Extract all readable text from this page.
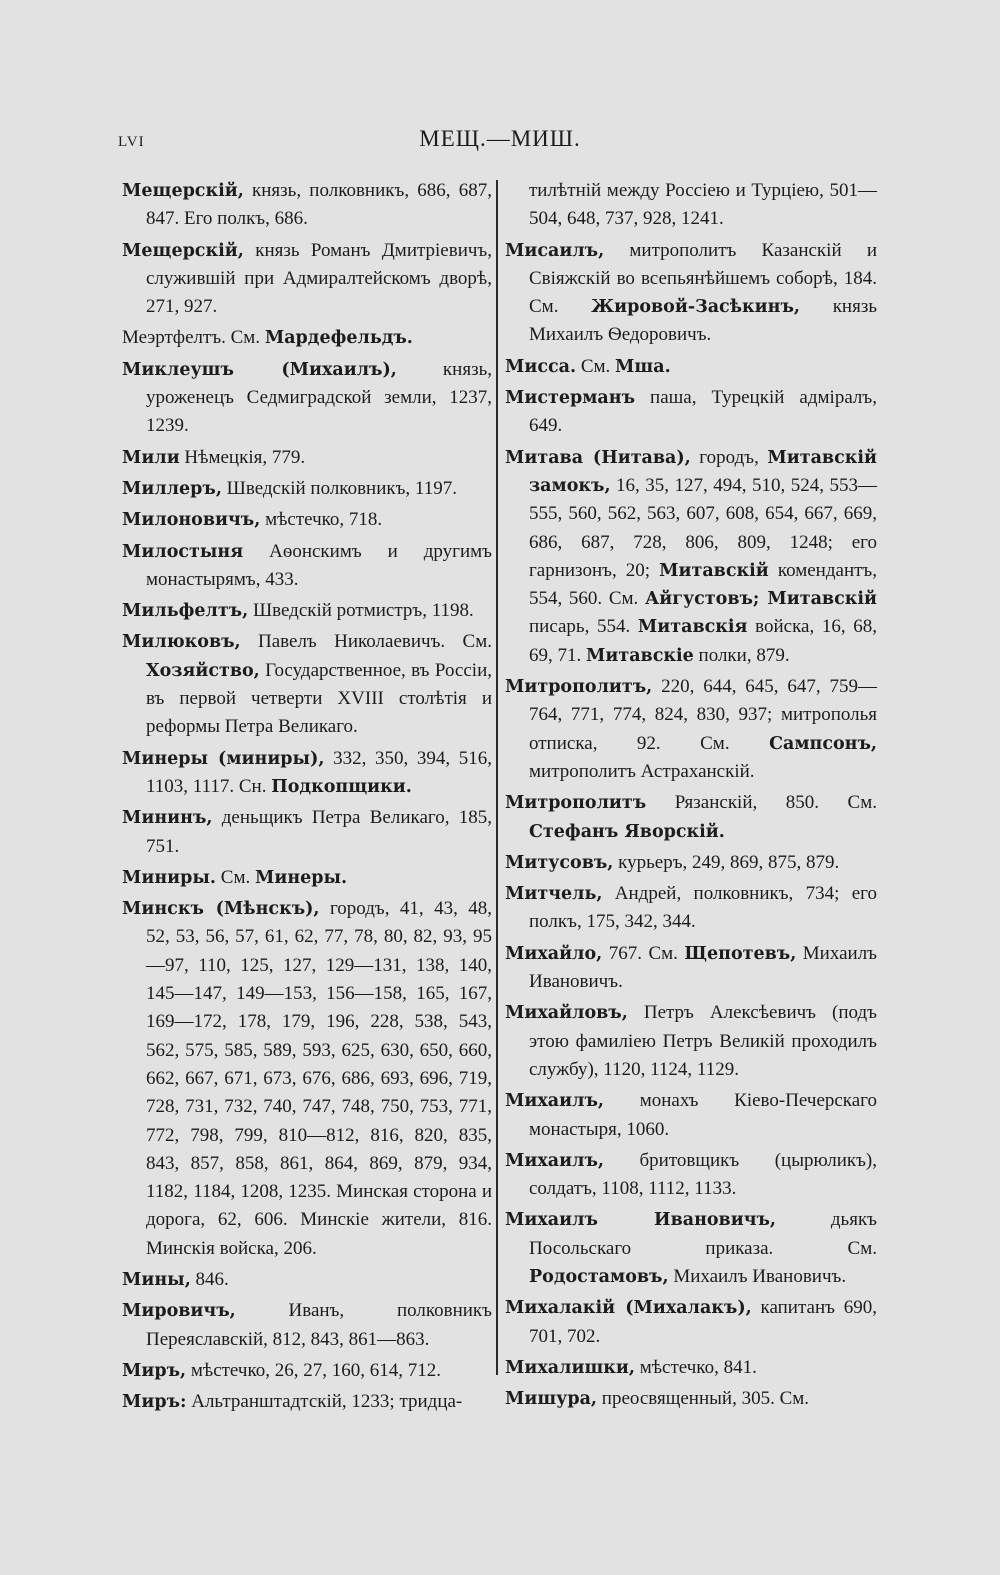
LVI	МЕЩ.—МИШ.

Мещерскій, князь, полковникъ, 686, 687, 847. Его полкъ, 686.

Мещерскій, князь Романъ Дмитріевичъ, служившій при Адмиралтейскомъ дворѣ, 271, 927.

Меэртфелтъ. См. Мардефельдъ.

Миклеушъ (Михаилъ), князь, уроженецъ Седмиградской земли, 1237, 1239.

Мили Нѣмецкія, 779.

Миллеръ, Шведскій полковникъ, 1197.

Милоновичъ, мѣстечко, 718.

Милостыня Аѳонскимъ и другимъ монастырямъ, 433.

Мильфелтъ, Шведскій ротмистръ, 1198.

Милюковъ, Павелъ Николаевичъ. См. Хозяйство, Государственное, въ Россіи, въ первой четверти XVIII столѣтія и реформы Петра Великаго.

Минеры (миниры), 332, 350, 394, 516, 1103, 1117. Сн. Подкопщики.

Мининъ, деньщикъ Петра Великаго, 185, 751.

Миниры. См. Минеры.

Минскъ (Мѣнскъ), городъ, 41, 43, 48, 52, 53, 56, 57, 61, 62, 77, 78, 80, 82, 93, 95—97, 110, 125, 127, 129—131, 138, 140, 145—147, 149—153, 156—158, 165, 167, 169—172, 178, 179, 196, 228, 538, 543, 562, 575, 585, 589, 593, 625, 630, 650, 660, 662, 667, 671, 673, 676, 686, 693, 696, 719, 728, 731, 732, 740, 747, 748, 750, 753, 771, 772, 798, 799, 810—812, 816, 820, 835, 843, 857, 858, 861, 864, 869, 879, 934, 1182, 1184, 1208, 1235. Минская сторона и дорога, 62, 606. Минскіе жители, 816. Минскія войска, 206.

Мины, 846.

Мировичъ, Иванъ, полковникъ Переяславскій, 812, 843, 861—863.

Миръ, мѣстечко, 26, 27, 160, 614, 712.

Миръ: Альтранштадтскій, 1233; тридца-

тилѣтній между Россіею и Турціею, 501—504, 648, 737, 928, 1241.

Мисаилъ, митрополитъ Казанскій и Свіяжскій во всепьянѣйшемъ соборѣ, 184. См. Жировой-Засѣкинъ, князь Михаилъ Ѳедоровичъ.

Мисса. См. Мша.

Мистерманъ паша, Турецкій адміралъ, 649.

Митава (Нитава), городъ, Митавскій замокъ, 16, 35, 127, 494, 510, 524, 553—555, 560, 562, 563, 607, 608, 654, 667, 669, 686, 687, 728, 806, 809, 1248; его гарнизонъ, 20; Митавскій комендантъ, 554, 560. См. Айгустовъ; Митавскій писарь, 554. Митавскія войска, 16, 68, 69, 71. Митавскіе полки, 879.

Митрополитъ, 220, 644, 645, 647, 759—764, 771, 774, 824, 830, 937; митрополья отписка, 92. См. Сампсонъ, митрополитъ Астраханскій.

Митрополитъ Рязанскій, 850. См. Стефанъ Яворскій.

Митусовъ, курьеръ, 249, 869, 875, 879.

Митчель, Андрей, полковникъ, 734; его полкъ, 175, 342, 344.

Михайло, 767. См. Щепотевъ, Михаилъ Ивановичъ.

Михайловъ, Петръ Алексѣевичъ (подъ этою фамиліею Петръ Великій проходилъ службу), 1120, 1124, 1129.

Михаилъ, монахъ Кіево-Печерскаго монастыря, 1060.

Михаилъ, бритовщикъ (цырюликъ), солдатъ, 1108, 1112, 1133.

Михаилъ Ивановичъ, дьякъ Посольскаго приказа. См. Родостамовъ, Михаилъ Ивановичъ.

Михалакій (Михалакъ), капитанъ 690, 701, 702.

Михалишки, мѣстечко, 841.

Мишура, преосвященный, 305. См.
